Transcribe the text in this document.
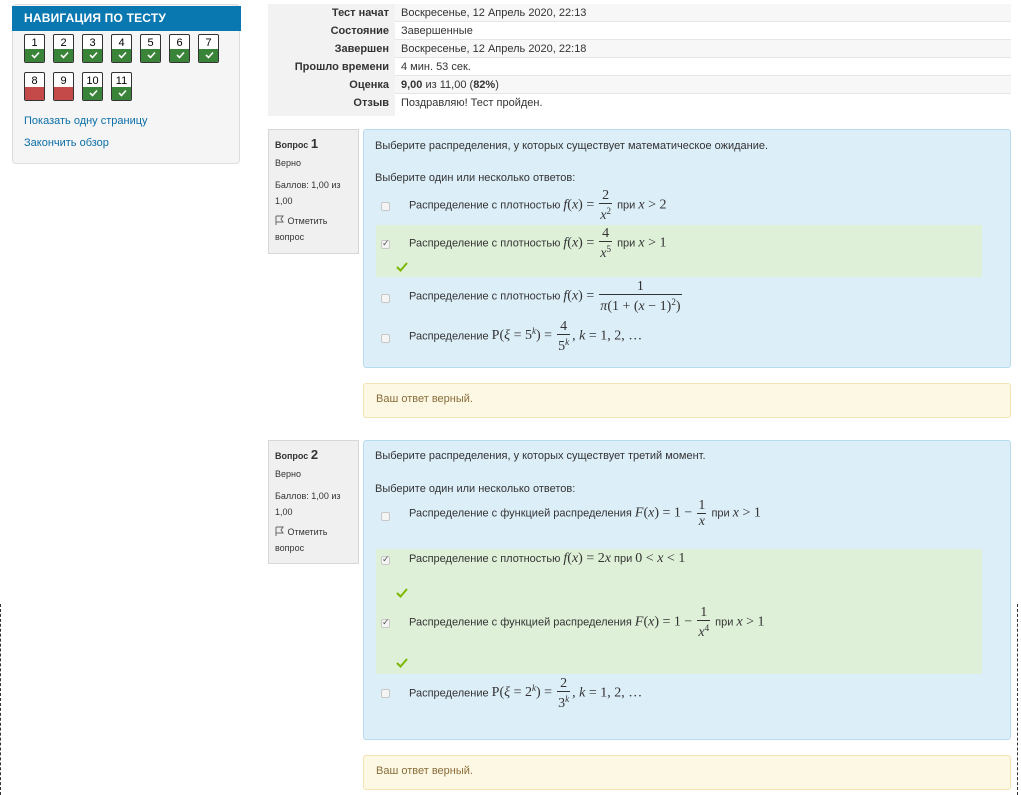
НАВИГАЦИЯ ПО ТЕСТУ
1	2	3	4	5	6	7
8	9	10	11
Показать одну страницу
Закончить обзор
Тест начат	Воскресенье, 12 Апрель 2020, 22:13
Состояние	Завершенные
Завершен	Воскресенье, 12 Апрель 2020, 22:18
Прошло времени	4 мин. 53 сек.
Оценка	9,00 из 11,00 (82%)
Отзыв	Поздравляю! Тест пройден.
Вопрос 1
Верно
Баллов: 1,00 из 1,00
Отметить вопрос
Выберите распределения, у которых существует математическое ожидание.
Выберите один или несколько ответов:
Распределение с плотностью $f(x) = \frac{2}{x^2}$ при x > 2
✓
Распределение с плотностью $f(x) = \frac{4}{x^5}$ при x > 1
Распределение с плотностью $f(x) = \frac{1}{\pi(1 + (x - 1)^2)}$
Распределение $P(\xi = 5^k) = \frac{4}{5^k}$ , k = 1, 2, …
Ваш ответ верный.
Вопрос 2
Верно
Баллов: 1,00 из 1,00
Отметить вопрос
Выберите распределения, у которых существует третий момент.
Выберите один или несколько ответов:
Распределение с функцией распределения $F(x) = 1 - \frac{1}{x}$ при x > 1
✓
Распределение с плотностью f(x) = 2x при 0 < x < 1
✓
Распределение с функцией распределения $F(x) = 1 - \frac{1}{x^4}$ при x > 1
Распределение $P(\xi = 2^k) = \frac{2}{3^k}$ , k = 1, 2, …
Ваш ответ верный.
